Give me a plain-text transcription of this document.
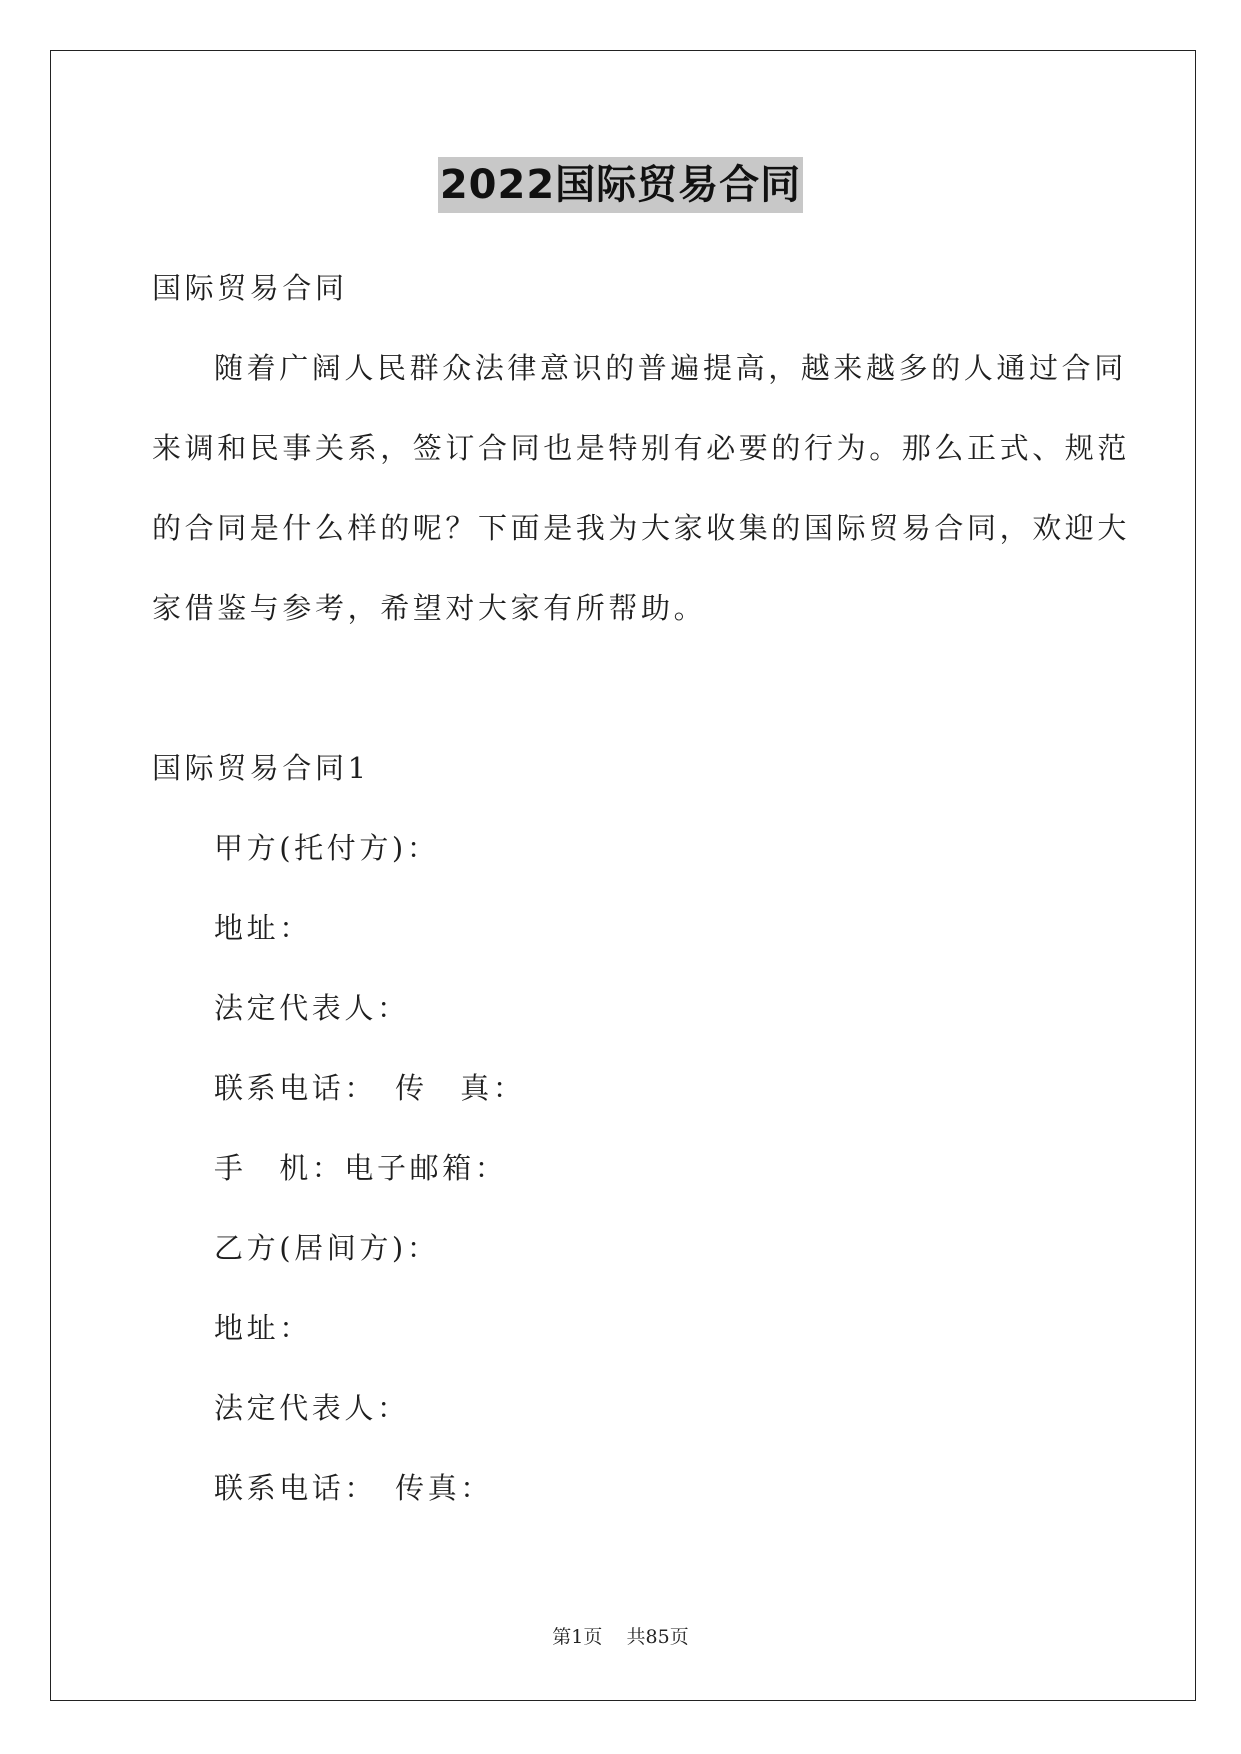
2022国际贸易合同
国际贸易合同
随着广阔人民群众法律意识的普遍提高，越来越多的人通过合同
来调和民事关系，签订合同也是特别有必要的行为。那么正式、规范
的合同是什么样的呢？下面是我为大家收集的国际贸易合同，欢迎大
家借鉴与参考，希望对大家有所帮助。
国际贸易合同1
甲方(托付方)：
地址：
法定代表人：
联系电话：　传　真：
手　机：电子邮箱：
乙方(居间方)：
地址：
法定代表人：
联系电话：　传真：
第1页 共85页
